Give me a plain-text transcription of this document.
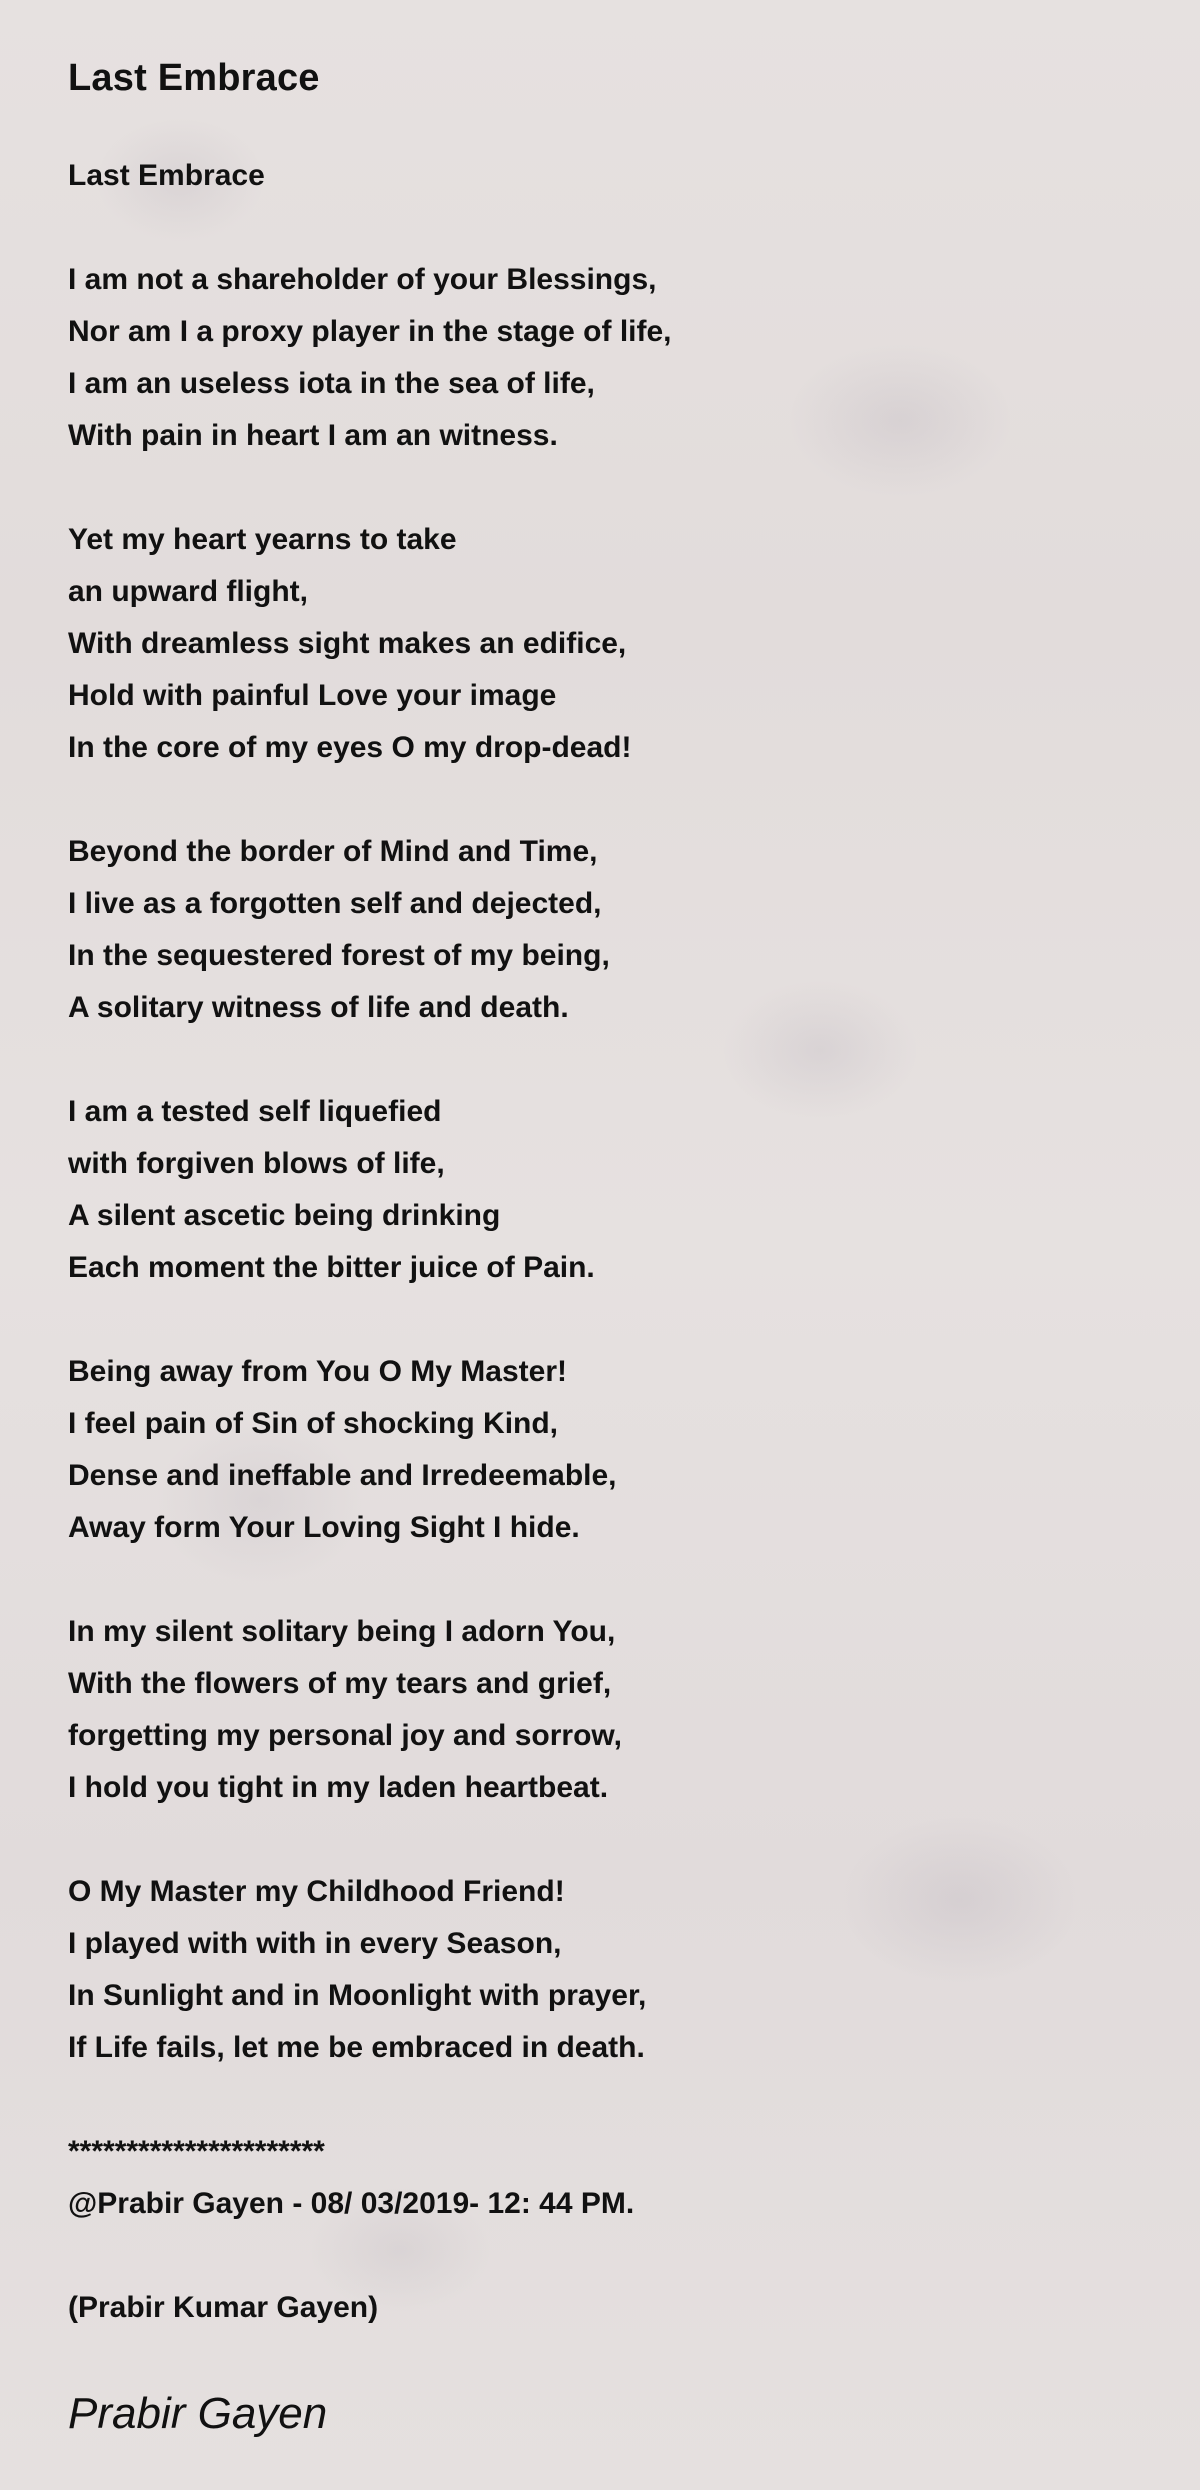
Last Embrace
Last Embrace
I am not a shareholder of your Blessings,
Nor am I a proxy player in the stage of life,
I am an useless iota in the sea of life,
With pain in heart I am an witness.
Yet my heart yearns to take
an upward flight,
With dreamless sight makes an edifice,
Hold with painful Love your image
In the core of my eyes O my drop-dead!
Beyond the border of Mind and Time,
I live as a forgotten self and dejected,
In the sequestered forest of my being,
A solitary witness of life and death.
I am a tested self liquefied
with forgiven blows of life,
A silent ascetic being drinking
Each moment the bitter juice of Pain.
Being away from You O My Master!
I feel pain of Sin of shocking Kind,
Dense and ineffable and Irredeemable,
Away form Your Loving Sight I hide.
In my silent solitary being I adorn You,
With the flowers of my tears and grief,
forgetting my personal joy and sorrow,
I hold you tight in my laden heartbeat.
O My Master my Childhood Friend!
I played with with in every Season,
In Sunlight and in Moonlight with prayer,
If Life fails, let me be embraced in death.
**********************
@Prabir Gayen - 08/ 03/2019- 12: 44 PM.
(Prabir Kumar Gayen)
Prabir Gayen
